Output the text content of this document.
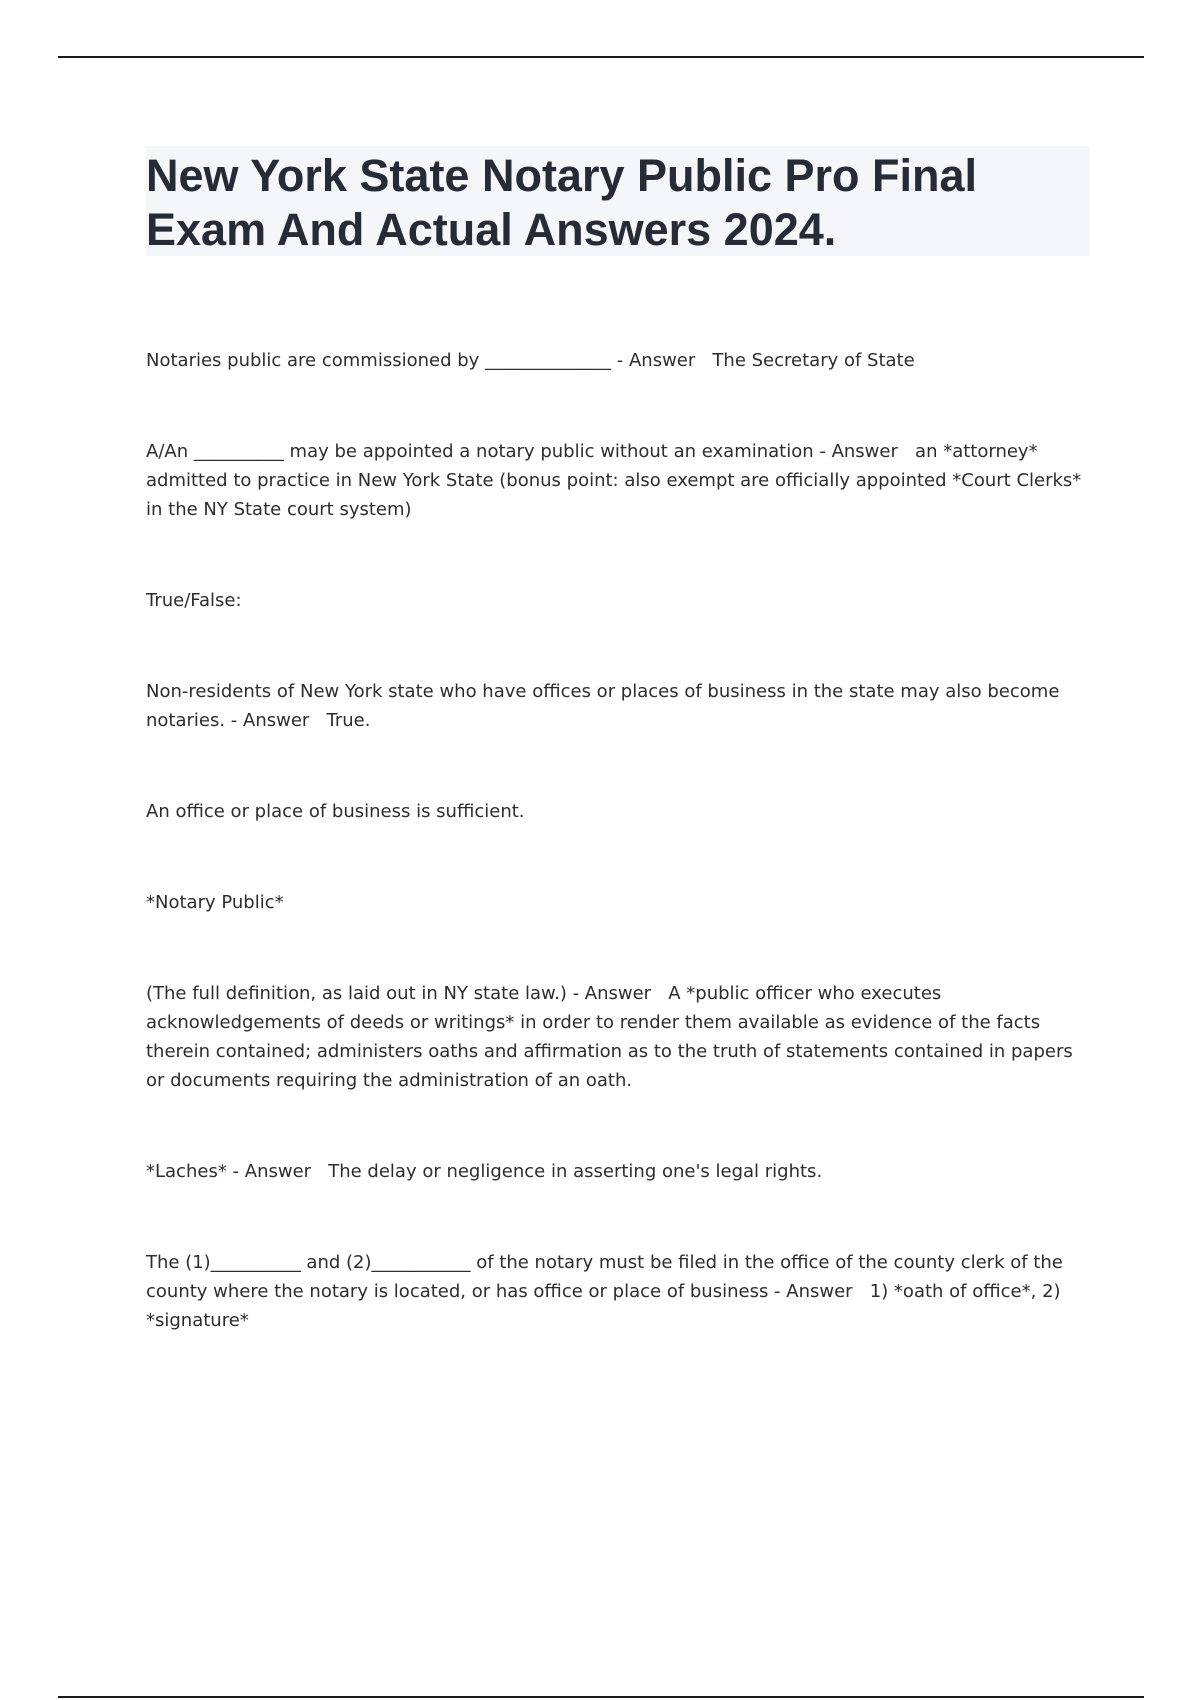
New York State Notary Public Pro Final Exam And Actual Answers 2024.

Notaries public are commissioned by ______________ - Answer   The Secretary of State

A/An __________ may be appointed a notary public without an examination - Answer   an *attorney* admitted to practice in New York State (bonus point: also exempt are officially appointed *Court Clerks* in the NY State court system)

True/False:

Non-residents of New York state who have offices or places of business in the state may also become notaries. - Answer   True.

An office or place of business is sufficient.

*Notary Public*

(The full definition, as laid out in NY state law.) - Answer   A *public officer who executes acknowledgements of deeds or writings* in order to render them available as evidence of the facts therein contained; administers oaths and affirmation as to the truth of statements contained in papers or documents requiring the administration of an oath.

*Laches* - Answer   The delay or negligence in asserting one's legal rights.

The (1)__________ and (2)___________ of the notary must be filed in the office of the county clerk of the county where the notary is located, or has office or place of business - Answer   1) *oath of office*, 2) *signature*
